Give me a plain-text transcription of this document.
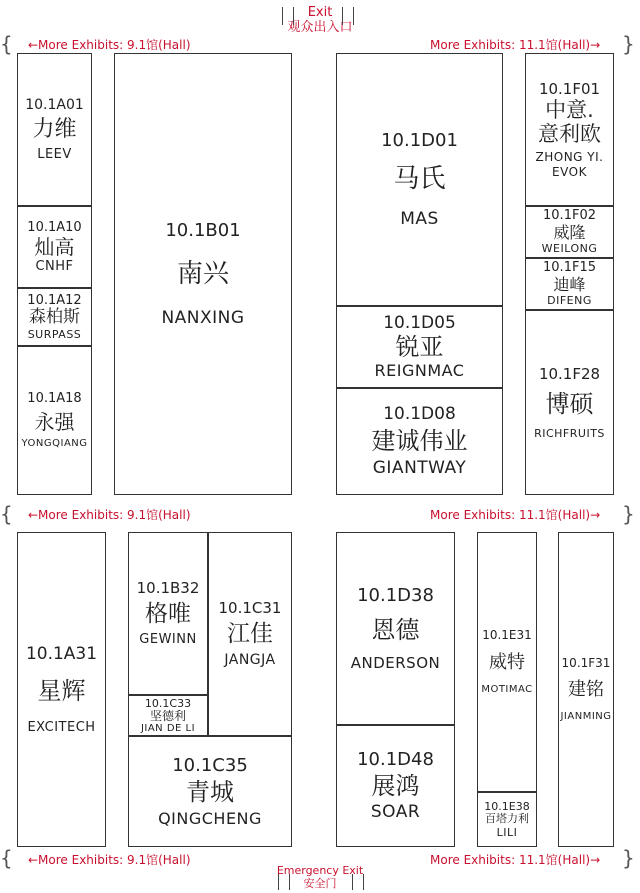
Exit
观众出入口
Emergency Exit
安全门
{	}
{	}
{	}
←More Exhibits: 9.1馆(Hall)	More Exhibits: 11.1馆(Hall)→
←More Exhibits: 9.1馆(Hall)	More Exhibits: 11.1馆(Hall)→
←More Exhibits: 9.1馆(Hall)	More Exhibits: 11.1馆(Hall)→
10.1A01
力维
LEEV
10.1A10
灿高
CNHF
10.1A12
森柏斯
SURPASS
10.1A18
永强
YONGQIANG
10.1B01
南兴
NANXING
10.1D01
马氏
MAS
10.1D05
锐亚
REIGNMAC
10.1D08
建诚伟业
GIANTWAY
10.1F01
中意.
意利欧
ZHONG YI.
EVOK
10.1F02
威隆
WEILONG
10.1F15
迪峰
DIFENG
10.1F28
博硕
RICHFRUITS
10.1A31
星辉
EXCITECH
10.1B32
格唯
GEWINN
10.1C31
江佳
JANGJA
10.1C33
坚德利
JIAN DE LI
10.1C35
青城
QINGCHENG
10.1D38
恩德
ANDERSON
10.1D48
展鸿
SOAR
10.1E31
威特
MOTIMAC
10.1E38
百塔力利
LILI
10.1F31
建铭
JIANMING
